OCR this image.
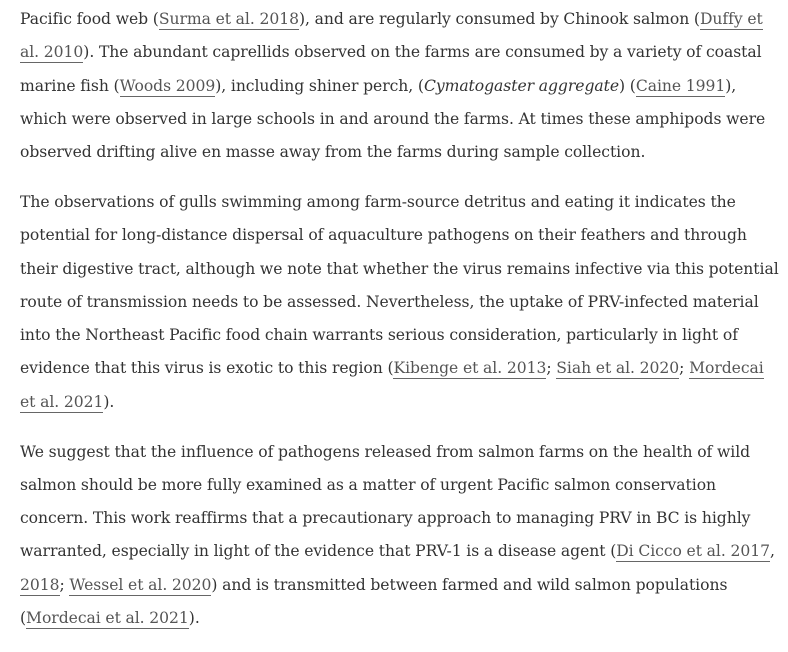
Pacific food web (Surma et al. 2018), and are regularly consumed by Chinook salmon (Duffy et al. 2010). The abundant caprellids observed on the farms are consumed by a variety of coastal marine fish (Woods 2009), including shiner perch, (Cymatogaster aggregate) (Caine 1991), which were observed in large schools in and around the farms. At times these amphipods were observed drifting alive en masse away from the farms during sample collection.

The observations of gulls swimming among farm-source detritus and eating it indicates the potential for long-distance dispersal of aquaculture pathogens on their feathers and through their digestive tract, although we note that whether the virus remains infective via this potential route of transmission needs to be assessed. Nevertheless, the uptake of PRV-infected material into the Northeast Pacific food chain warrants serious consideration, particularly in light of evidence that this virus is exotic to this region (Kibenge et al. 2013; Siah et al. 2020; Mordecai et al. 2021).

We suggest that the influence of pathogens released from salmon farms on the health of wild salmon should be more fully examined as a matter of urgent Pacific salmon conservation concern. This work reaffirms that a precautionary approach to managing PRV in BC is highly warranted, especially in light of the evidence that PRV-1 is a disease agent (Di Cicco et al. 2017, 2018; Wessel et al. 2020) and is transmitted between farmed and wild salmon populations (Mordecai et al. 2021).
